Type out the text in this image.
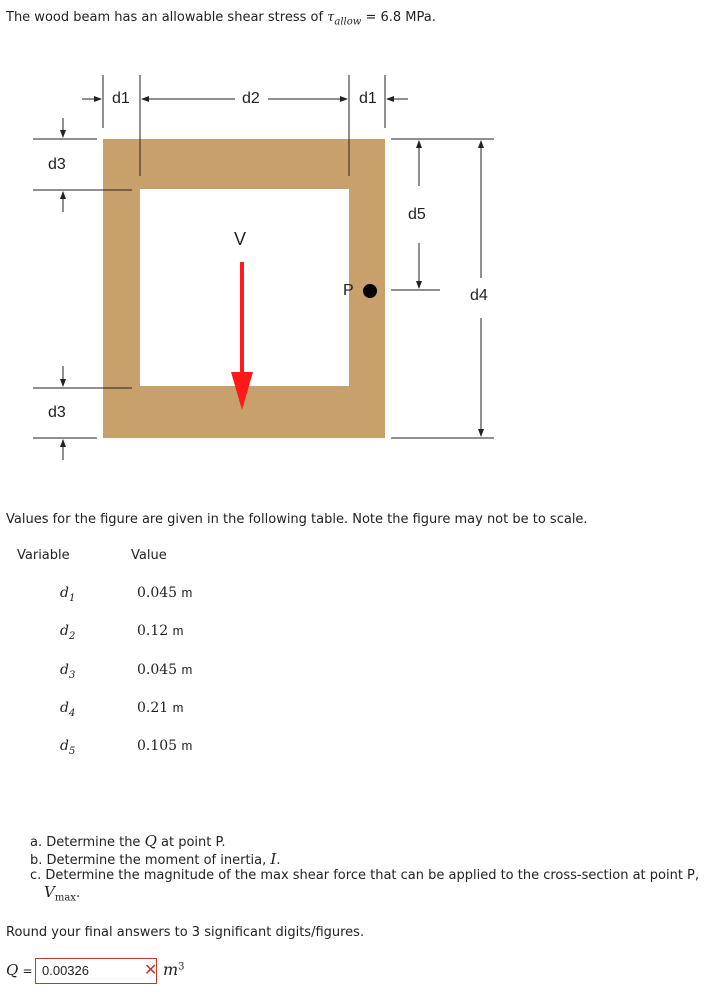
The wood beam has an allowable shear stress of $\tau_{allow} = 6.8$ MPa.
d1	d2	d1
d3
d3
d5
d4
V
P
Values for the figure are given in the following table. Note the figure may not be to scale.
Variable	Value
$d_1$	0.045 m
$d_2$	0.12 m
$d_3$	0.045 m
$d_4$	0.21 m
$d_5$	0.105 m
a. Determine the Q at point P.
b. Determine the moment of inertia, I.
c. Determine the magnitude of the max shear force that can be applied to the cross-section at point P,
$V_{max}$.
Round your final answers to 3 significant digits/figures.
Q = 0.00326	✕ $m^3$
